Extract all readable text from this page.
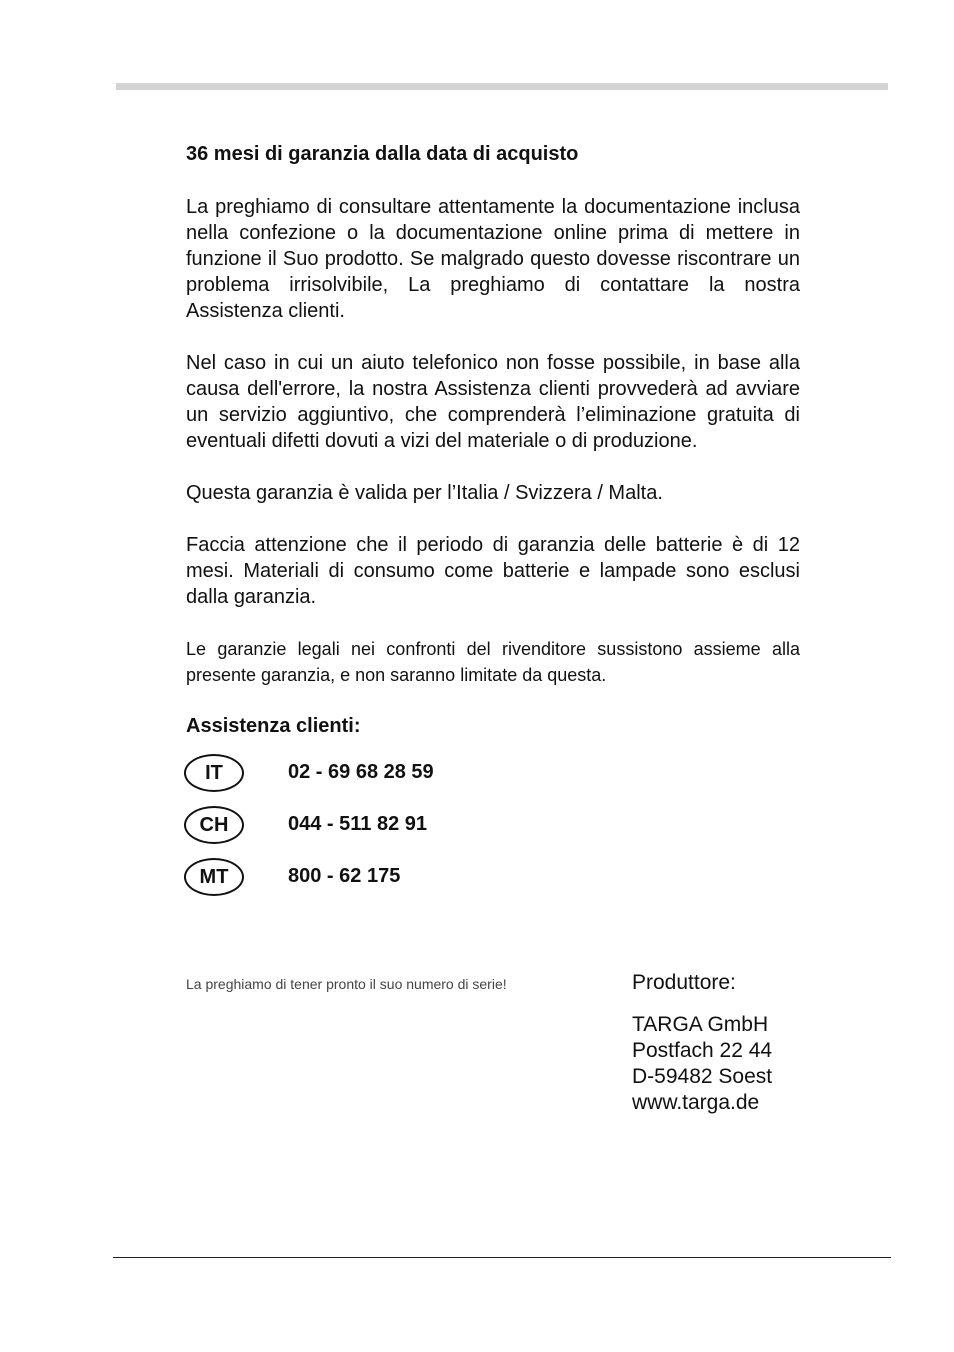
36 mesi di garanzia dalla data di acquisto

La preghiamo di consultare attentamente la documentazione inclusa nella confezione o la documentazione online prima di mettere in funzione il Suo prodotto. Se malgrado questo dovesse riscontrare un problema irrisolvibile, La preghiamo di contattare la nostra Assistenza clienti.

Nel caso in cui un aiuto telefonico non fosse possibile, in base alla causa dell'errore, la nostra Assistenza clienti provvederà ad avviare un servizio aggiuntivo, che comprenderà l’eliminazione gratuita di eventuali difetti dovuti a vizi del materiale o di produzione.

Questa garanzia è valida per l’Italia / Svizzera / Malta.

Faccia attenzione che il periodo di garanzia delle batterie è di 12 mesi. Materiali di consumo come batterie e lampade sono esclusi dalla garanzia.

Le garanzie legali nei confronti del rivenditore sussistono assieme alla presente garanzia, e non saranno limitate da questa.

Assistenza clienti:
IT	02 - 69 68 28 59
CH	044 - 511 82 91
MT	800 - 62 175
La preghiamo di tener pronto il suo numero di serie!	Produttore:
TARGA GmbH
Postfach 22 44
D-59482 Soest
www.targa.de
